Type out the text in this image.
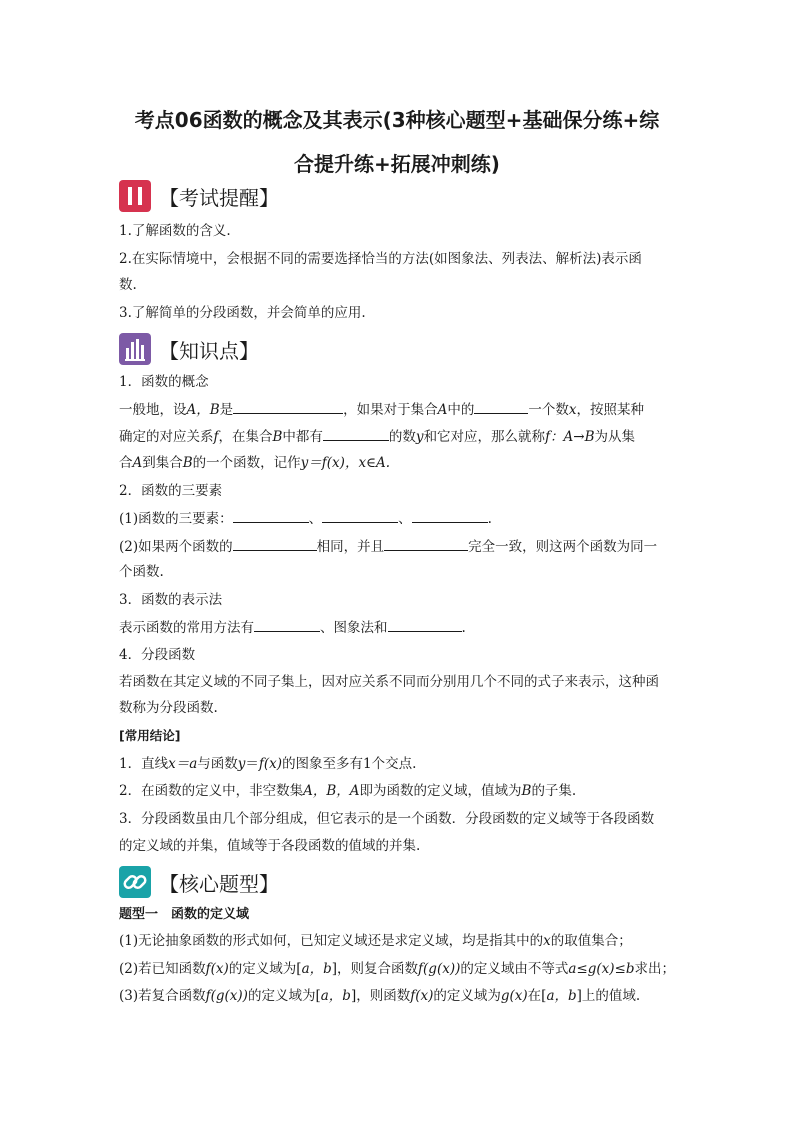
考点06函数的概念及其表示(3种核心题型+基础保分练+综
合提升练+拓展冲刺练)
【考试提醒】
1.了解函数的含义.
2.在实际情境中，会根据不同的需要选择恰当的方法(如图象法、列表法、解析法)表示函
数.
3.了解简单的分段函数，并会简单的应用.
【知识点】
1．函数的概念
一般地，设A，B是	，如果对于集合A中的	一个数x，按照某种
确定的对应关系f，在集合B中都有	的数y和它对应，那么就称f：A→B为从集
合A到集合B的一个函数，记作y＝f(x)，x∈A.
2．函数的三要素
(1)函数的三要素：	、	、	.
(2)如果两个函数的	相同，并且	完全一致，则这两个函数为同一
个函数.
3．函数的表示法
表示函数的常用方法有	、图象法和	.
4．分段函数
若函数在其定义域的不同子集上，因对应关系不同而分别用几个不同的式子来表示，这种函
数称为分段函数.
[常用结论]
1．直线x＝a与函数y＝f(x)的图象至多有1个交点.
2．在函数的定义中，非空数集A，B，A即为函数的定义域，值域为B的子集.
3．分段函数虽由几个部分组成，但它表示的是一个函数．分段函数的定义域等于各段函数
的定义域的并集，值域等于各段函数的值域的并集.
【核心题型】
题型一　函数的定义域
(1)无论抽象函数的形式如何，已知定义域还是求定义域，均是指其中的x的取值集合；
(2)若已知函数f(x)的定义域为[a，b]，则复合函数f(g(x))的定义域由不等式a≤g(x)≤b求出；
(3)若复合函数f(g(x))的定义域为[a，b]，则函数f(x)的定义域为g(x)在[a，b]上的值域.
